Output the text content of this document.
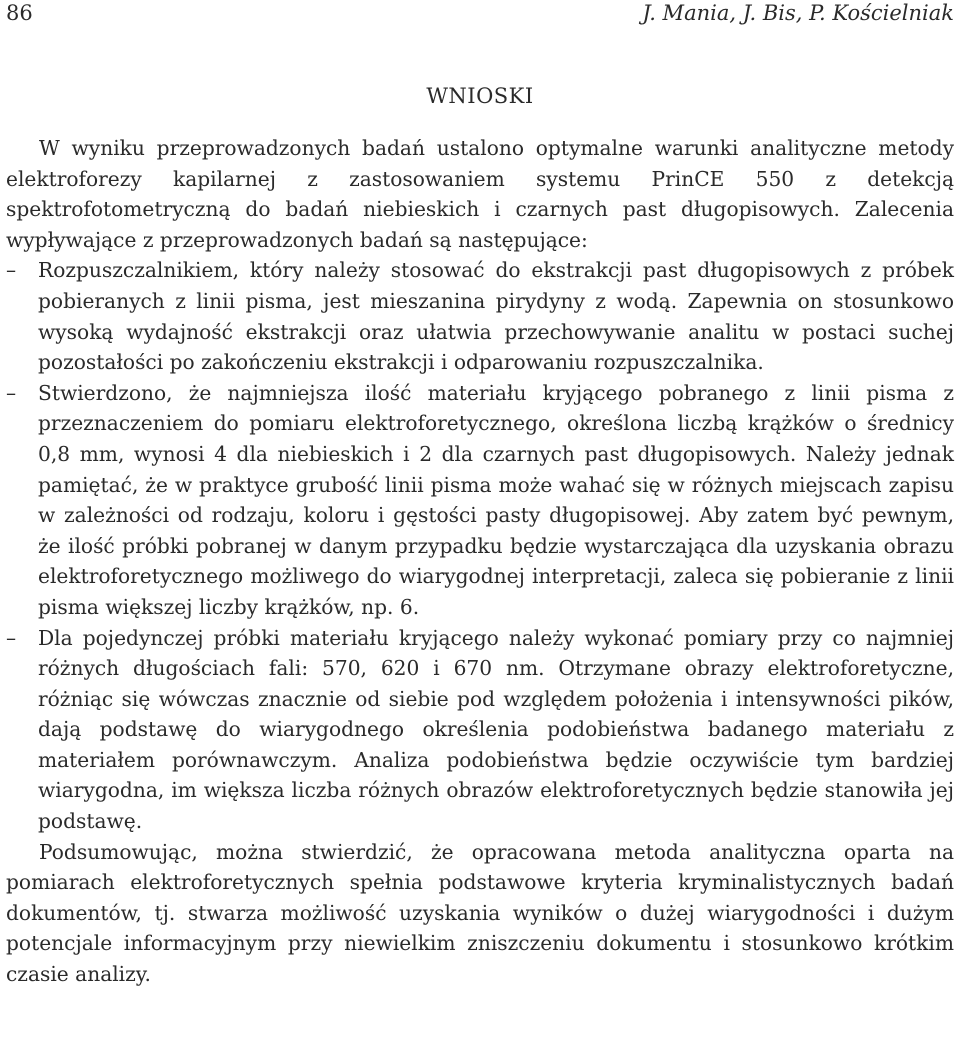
86	J. Mania, J. Bis, P. Kościelniak
WNIOSKI

W wyniku przeprowadzonych badań ustalono optymalne warunki analityczne metody elektroforezy kapilarnej z zastosowaniem systemu PrinCE 550 z detekcją spektrofotometryczną do badań niebieskich i czarnych past długopisowych. Zalecenia wypływające z przeprowadzonych badań są następujące:

– Rozpuszczalnikiem, który należy stosować do ekstrakcji past długopisowych z próbek pobieranych z linii pisma, jest mieszanina pirydyny z wodą. Zapewnia on stosunkowo wysoką wydajność ekstrakcji oraz ułatwia przechowywanie analitu w postaci suchej pozostałości po zakończeniu ekstrakcji i odparowaniu rozpuszczalnika.
– Stwierdzono, że najmniejsza ilość materiału kryjącego pobranego z linii pisma z przeznaczeniem do pomiaru elektroforetycznego, określona liczbą krążków o średnicy 0,8 mm, wynosi 4 dla niebieskich i 2 dla czarnych past długopisowych. Należy jednak pamiętać, że w praktyce grubość linii pisma może wahać się w różnych miejscach zapisu w zależności od rodzaju, koloru i gęstości pasty długopisowej. Aby zatem być pewnym, że ilość próbki pobranej w danym przypadku będzie wystarczająca dla uzyskania obrazu elektroforetycznego możliwego do wiarygodnej interpretacji, zaleca się pobieranie z linii pisma większej liczby krążków, np. 6.
– Dla pojedynczej próbki materiału kryjącego należy wykonać pomiary przy co najmniej różnych długościach fali: 570, 620 i 670 nm. Otrzymane obrazy elektroforetyczne, różniąc się wówczas znacznie od siebie pod względem położenia i intensywności pików, dają podstawę do wiarygodnego określenia podobieństwa badanego materiału z materiałem porównawczym. Analiza podobieństwa będzie oczywiście tym bardziej wiarygodna, im większa liczba różnych obrazów elektroforetycznych będzie stanowiła jej podstawę.

Podsumowując, można stwierdzić, że opracowana metoda analityczna oparta na pomiarach elektroforetycznych spełnia podstawowe kryteria kryminalistycznych badań dokumentów, tj. stwarza możliwość uzyskania wyników o dużej wiarygodności i dużym potencjale informacyjnym przy niewielkim zniszczeniu dokumentu i stosunkowo krótkim czasie analizy.
